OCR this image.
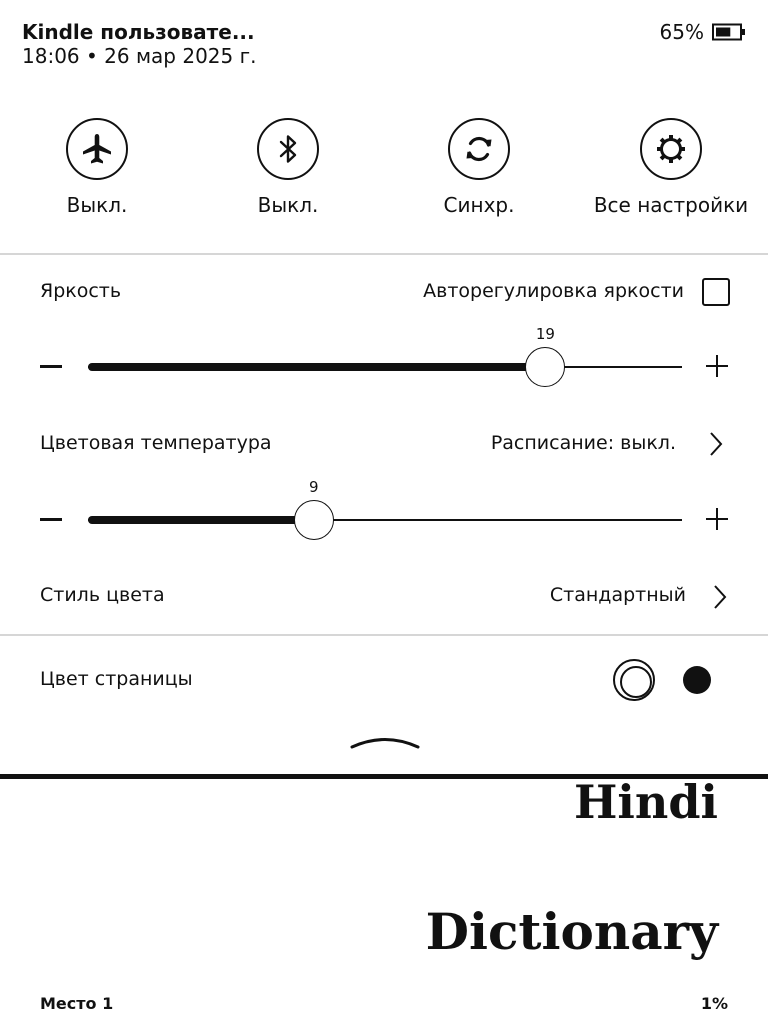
Kindle пользовате...
18:06 • 26 мар 2025 г.
65%
Выкл.	Выкл.	Синхр.	Все настройки
Яркость	Авторегулировка яркости
19
Цветовая температура	Расписание: выкл.
9
Стиль цвета	Стандартный
Цвет страницы
Hindi
Dictionary
Место 1	1%
